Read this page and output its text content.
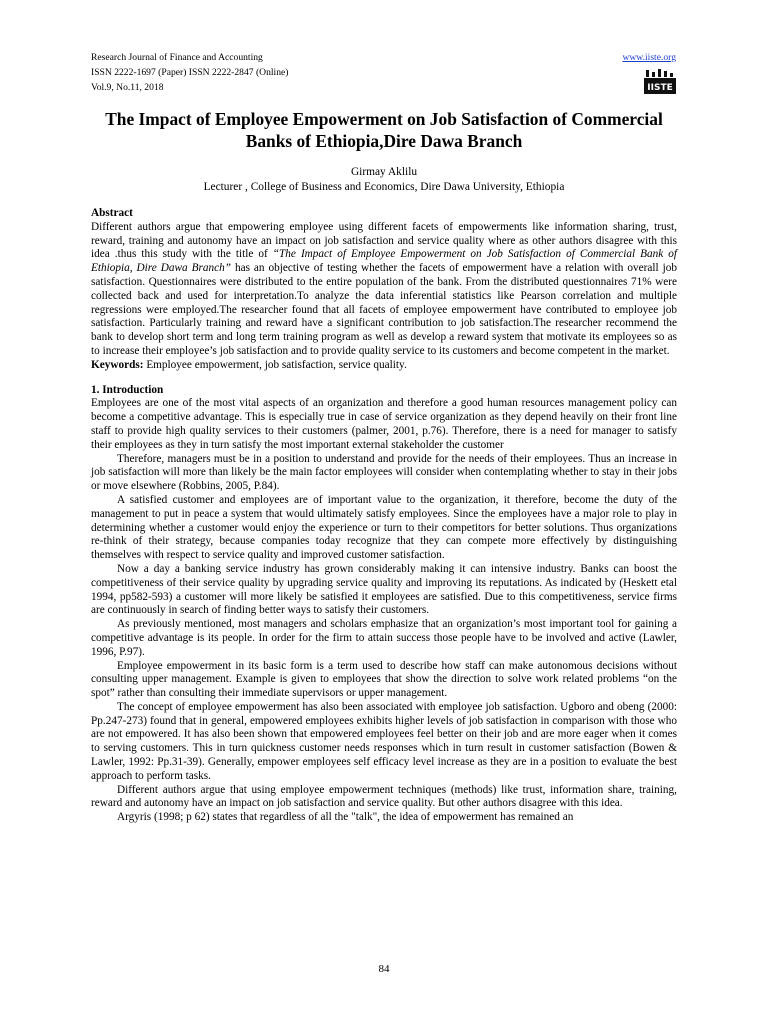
Research Journal of Finance and Accounting
ISSN 2222-1697 (Paper) ISSN 2222-2847 (Online)
Vol.9, No.11, 2018
www.iiste.org
IISTE
The Impact of Employee Empowerment on Job Satisfaction of Commercial Banks of Ethiopia,Dire Dawa Branch
Girmay Aklilu
Lecturer , College of Business and Economics, Dire Dawa University, Ethiopia

Abstract

Different authors argue that empowering employee using different facets of empowerments like information sharing, trust, reward, training and autonomy have an impact on job satisfaction and service quality where as other authors disagree with this idea .thus this study with the title of “The Impact of Employee Empowerment on Job Satisfaction of Commercial Bank of Ethiopia, Dire Dawa Branch” has an objective of testing whether the facets of empowerment have a relation with overall job satisfaction. Questionnaires were distributed to the entire population of the bank. From the distributed questionnaires 71% were collected back and used for interpretation.To analyze the data inferential statistics like Pearson correlation and multiple regressions were employed.The researcher found that all facets of employee empowerment have contributed to employee job satisfaction. Particularly training and reward have a significant contribution to job satisfaction.The researcher recommend the bank to develop short term and long term training program as well as develop a reward system that motivate its employees so as to increase their employee’s job satisfaction and to provide quality service to its customers and become competent in the market.

Keywords: Employee empowerment, job satisfaction, service quality.

1. Introduction

Employees are one of the most vital aspects of an organization and therefore a good human resources management policy can become a competitive advantage. This is especially true in case of service organization as they depend heavily on their front line staff to provide high quality services to their customers (palmer, 2001, p.76). Therefore, there is a need for manager to satisfy their employees as they in turn satisfy the most important external stakeholder the customer

Therefore, managers must be in a position to understand and provide for the needs of their employees. Thus an increase in job satisfaction will more than likely be the main factor employees will consider when contemplating whether to stay in their jobs or move elsewhere (Robbins, 2005, P.84).

A satisfied customer and employees are of important value to the organization, it therefore, become the duty of the management to put in peace a system that would ultimately satisfy employees. Since the employees have a major role to play in determining whether a customer would enjoy the experience or turn to their competitors for better solutions. Thus organizations re-think of their strategy, because companies today recognize that they can compete more effectively by distinguishing themselves with respect to service quality and improved customer satisfaction.

Now a day a banking service industry has grown considerably making it can intensive industry. Banks can boost the competitiveness of their service quality by upgrading service quality and improving its reputations. As indicated by (Heskett etal 1994, pp582-593) a customer will more likely be satisfied it employees are satisfied. Due to this competitiveness, service firms are continuously in search of finding better ways to satisfy their customers.

As previously mentioned, most managers and scholars emphasize that an organization’s most important tool for gaining a competitive advantage is its people. In order for the firm to attain success those people have to be involved and active (Lawler, 1996, P.97).

Employee empowerment in its basic form is a term used to describe how staff can make autonomous decisions without consulting upper management. Example is given to employees that show the direction to solve work related problems “on the spot” rather than consulting their immediate supervisors or upper management.

The concept of employee empowerment has also been associated with employee job satisfaction. Ugboro and obeng (2000: Pp.247-273) found that in general, empowered employees exhibits higher levels of job satisfaction in comparison with those who are not empowered. It has also been shown that empowered employees feel better on their job and are more eager when it comes to serving customers. This in turn quickness customer needs responses which in turn result in customer satisfaction (Bowen & Lawler, 1992: Pp.31-39). Generally, empower employees self efficacy level increase as they are in a position to evaluate the best approach to perform tasks.

Different authors argue that using employee empowerment techniques (methods) like trust, information share, training, reward and autonomy have an impact on job satisfaction and service quality. But other authors disagree with this idea.

Argyris (1998; p 62) states that regardless of all the "talk", the idea of empowerment has remained an

84
